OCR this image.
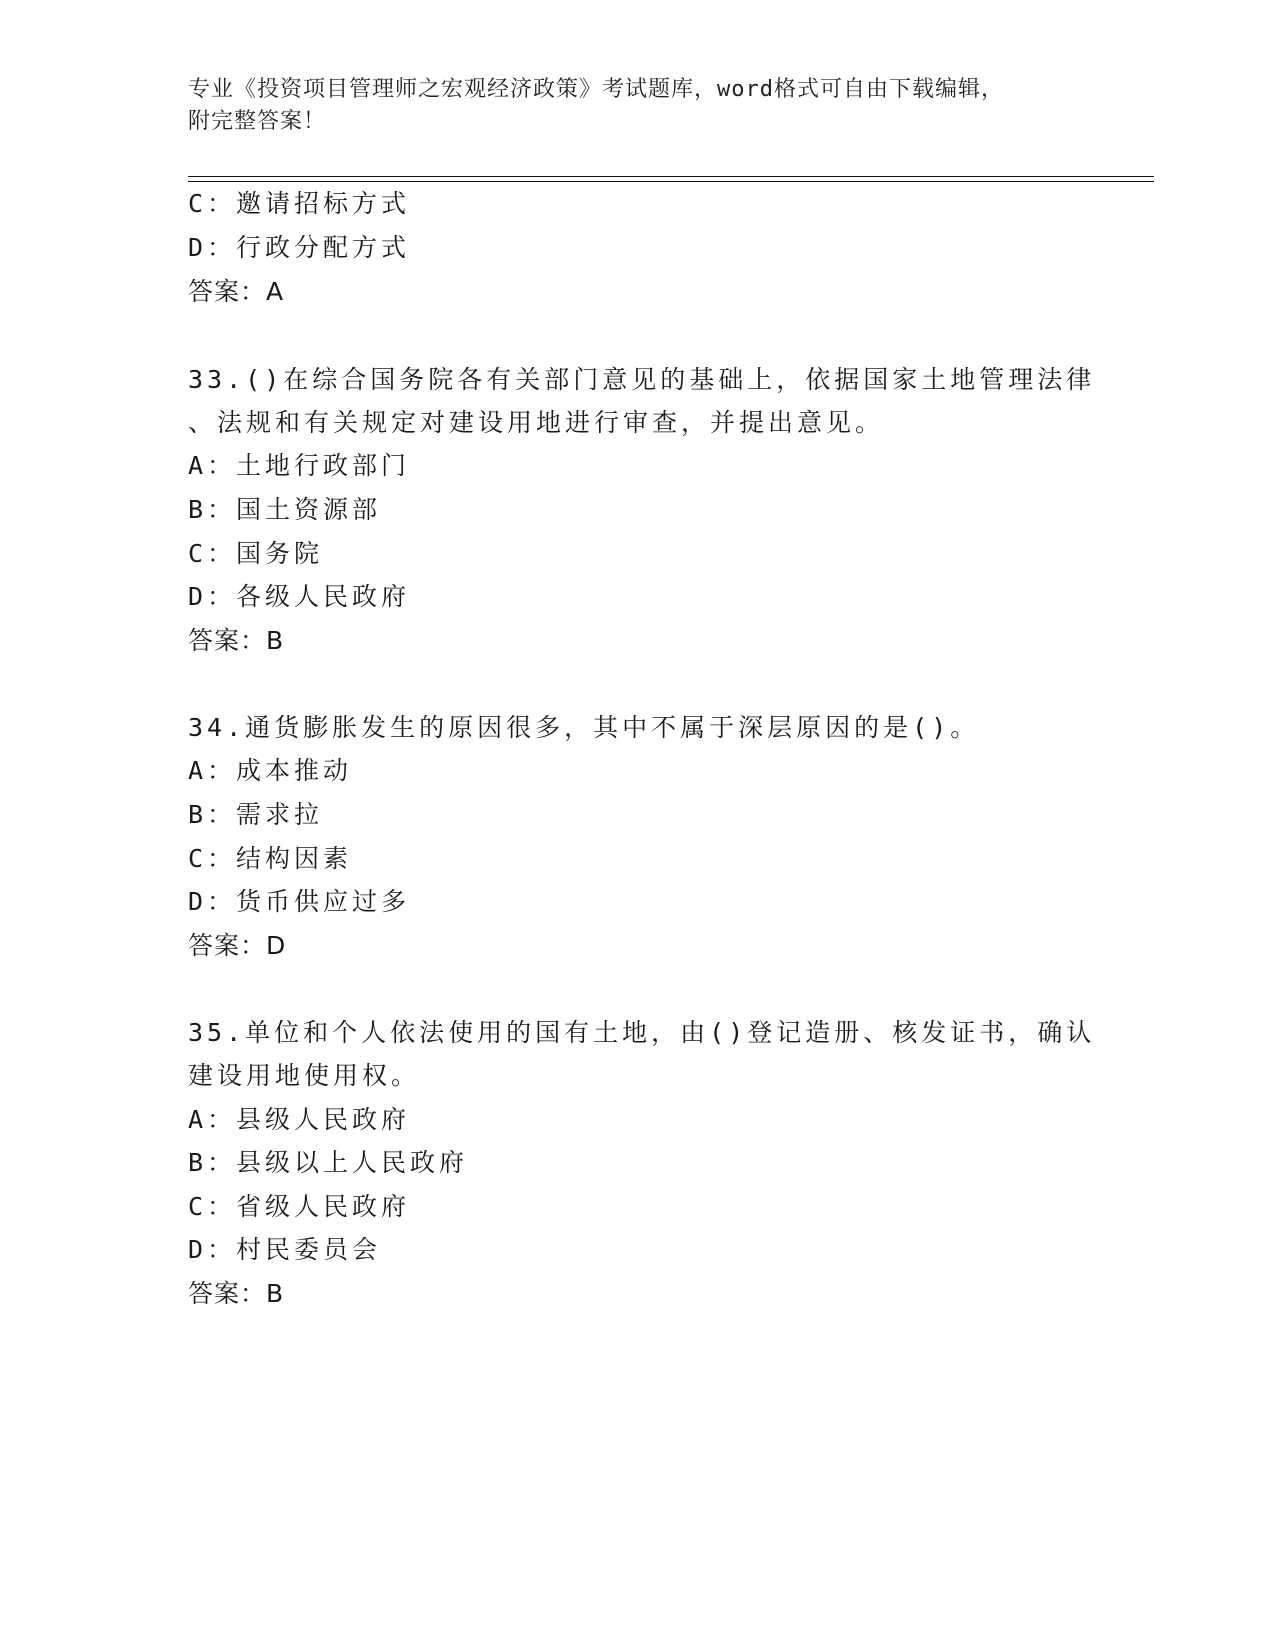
专业《投资项目管理师之宏观经济政策》考试题库，word格式可自由下载编辑，
附完整答案！
C：邀请招标方式
D：行政分配方式
答案：A
33.()在综合国务院各有关部门意见的基础上，依据国家土地管理法律
、法规和有关规定对建设用地进行审查，并提出意见。
A：土地行政部门
B：国土资源部
C：国务院
D：各级人民政府
答案：B
34.通货膨胀发生的原因很多，其中不属于深层原因的是()。
A：成本推动
B：需求拉
C：结构因素
D：货币供应过多
答案：D
35.单位和个人依法使用的国有土地，由()登记造册、核发证书，确认
建设用地使用权。
A：县级人民政府
B：县级以上人民政府
C：省级人民政府
D：村民委员会
答案：B
